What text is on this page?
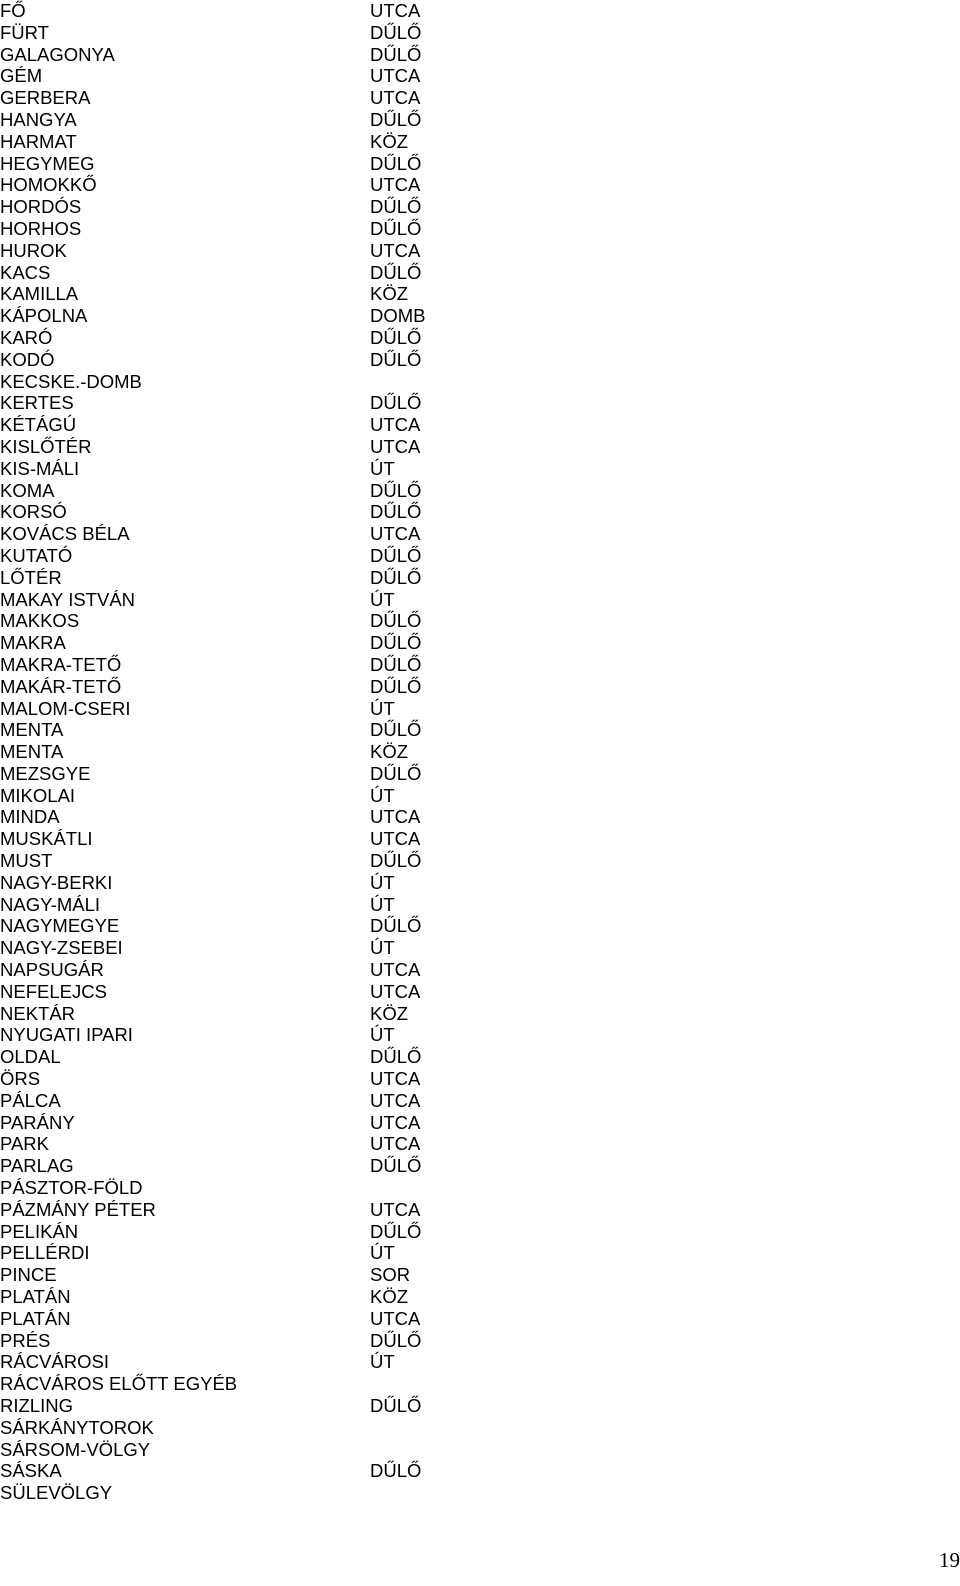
FŐ	UTCA
FÜRT	DŰLŐ
GALAGONYA	DŰLŐ
GÉM	UTCA
GERBERA	UTCA
HANGYA	DŰLŐ
HARMAT	KÖZ
HEGYMEG	DŰLŐ
HOMOKKŐ	UTCA
HORDÓS	DŰLŐ
HORHOS	DŰLŐ
HUROK	UTCA
KACS	DŰLŐ
KAMILLA	KÖZ
KÁPOLNA	DOMB
KARÓ	DŰLŐ
KODÓ	DŰLŐ
KECSKE.-DOMB	
KERTES	DŰLŐ
KÉTÁGÚ	UTCA
KISLŐTÉR	UTCA
KIS-MÁLI	ÚT
KOMA	DŰLŐ
KORSÓ	DŰLŐ
KOVÁCS BÉLA	UTCA
KUTATÓ	DŰLŐ
LŐTÉR	DŰLŐ
MAKAY ISTVÁN	ÚT
MAKKOS	DŰLŐ
MAKRA	DŰLŐ
MAKRA-TETŐ	DŰLŐ
MAKÁR-TETŐ	DŰLŐ
MALOM-CSERI	ÚT
MENTA	DŰLŐ
MENTA	KÖZ
MEZSGYE	DŰLŐ
MIKOLAI	ÚT
MINDA	UTCA
MUSKÁTLI	UTCA
MUST	DŰLŐ
NAGY-BERKI	ÚT
NAGY-MÁLI	ÚT
NAGYMEGYE	DŰLŐ
NAGY-ZSEBEI	ÚT
NAPSUGÁR	UTCA
NEFELEJCS	UTCA
NEKTÁR	KÖZ
NYUGATI IPARI	ÚT
OLDAL	DŰLŐ
ÖRS	UTCA
PÁLCA	UTCA
PARÁNY	UTCA
PARK	UTCA
PARLAG	DŰLŐ
PÁSZTOR-FÖLD	
PÁZMÁNY PÉTER	UTCA
PELIKÁN	DŰLŐ
PELLÉRDI	ÚT
PINCE	SOR
PLATÁN	KÖZ
PLATÁN	UTCA
PRÉS	DŰLŐ
RÁCVÁROSI	ÚT
RÁCVÁROS ELŐTT EGYÉB	
RIZLING	DŰLŐ
SÁRKÁNYTOROK	
SÁRSOM-VÖLGY	
SÁSKA	DŰLŐ
SÜLEVÖLGY	
19
